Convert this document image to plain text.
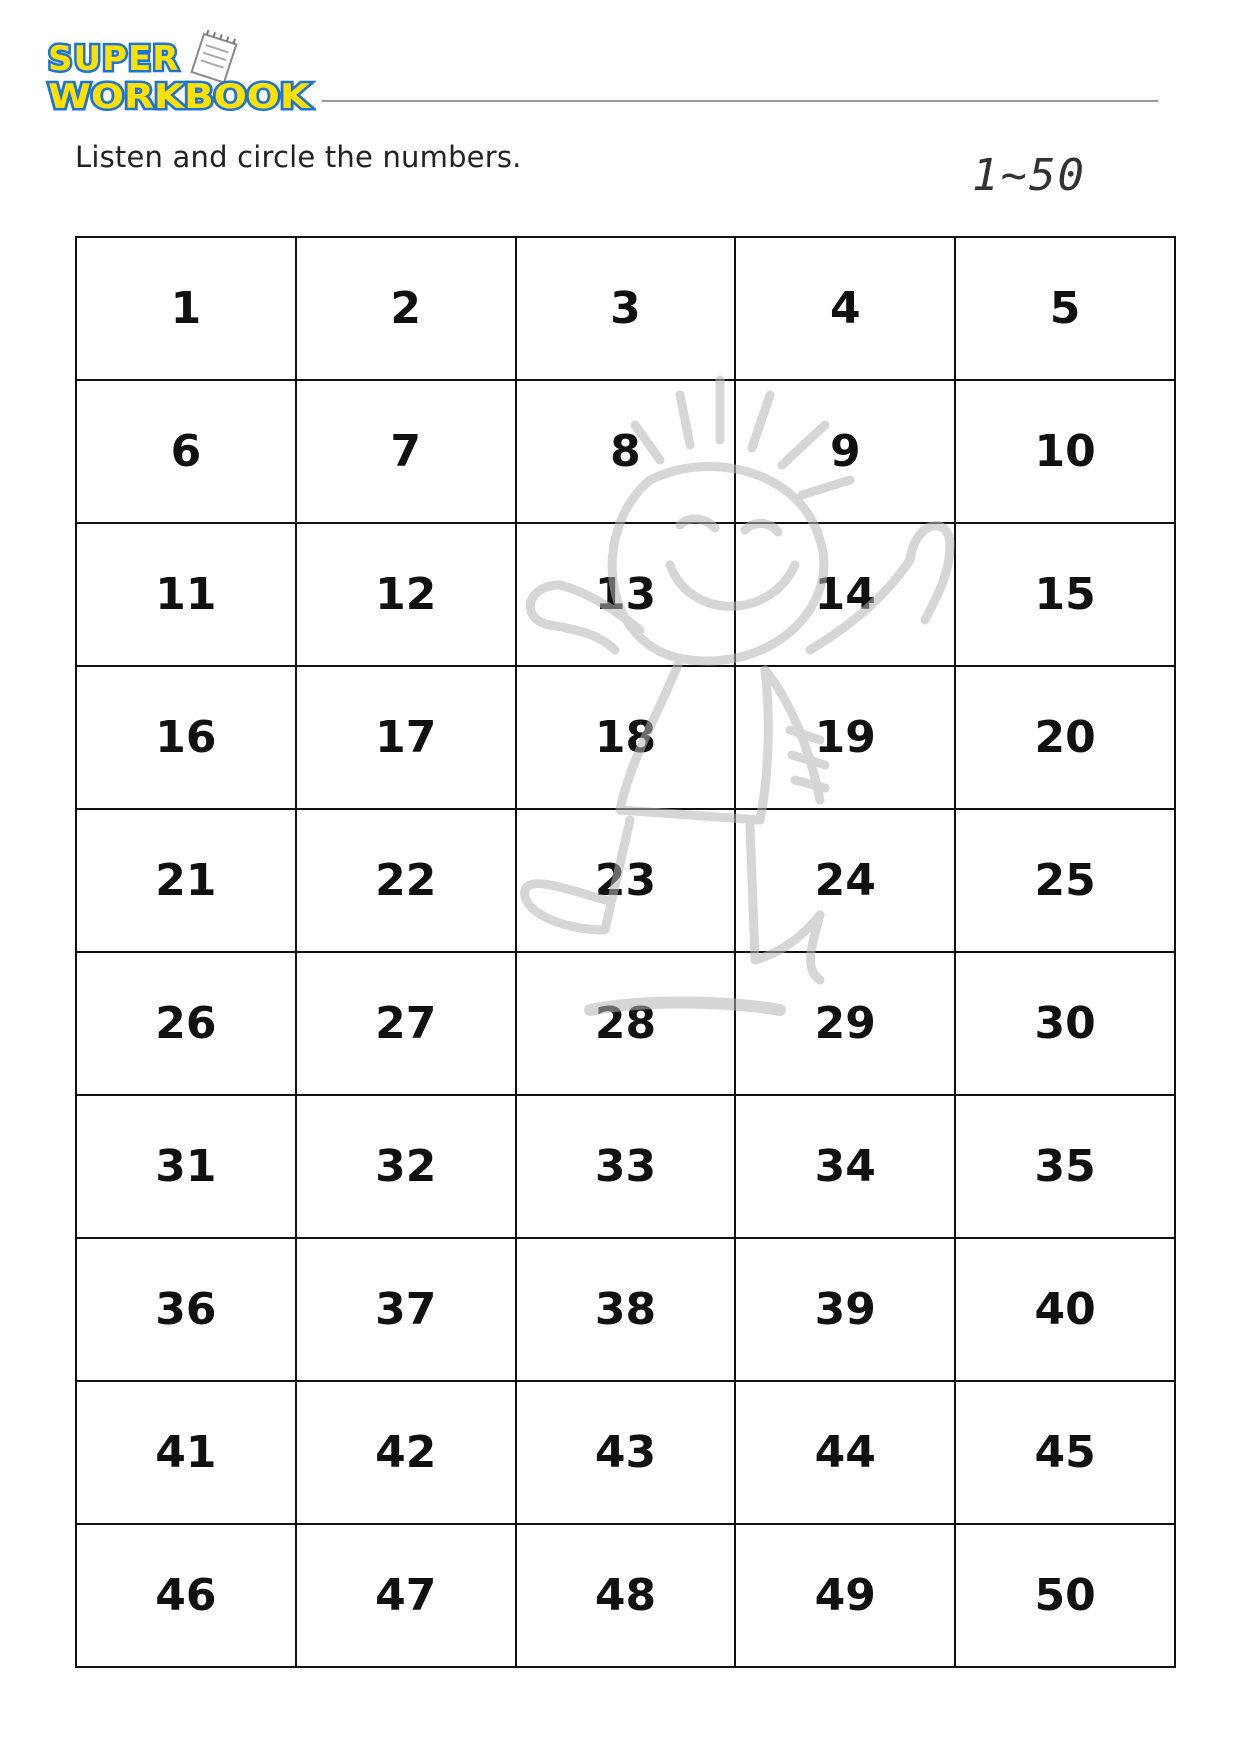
SUPER
WORKBOOK
Listen and circle the numbers.	1~50
1	2	3	4	5
6	7	8	9	10
11	12	13	14	15
16	17	18	19	20
21	22	23	24	25
26	27	28	29	30
31	32	33	34	35
36	37	38	39	40
41	42	43	44	45
46	47	48	49	50
